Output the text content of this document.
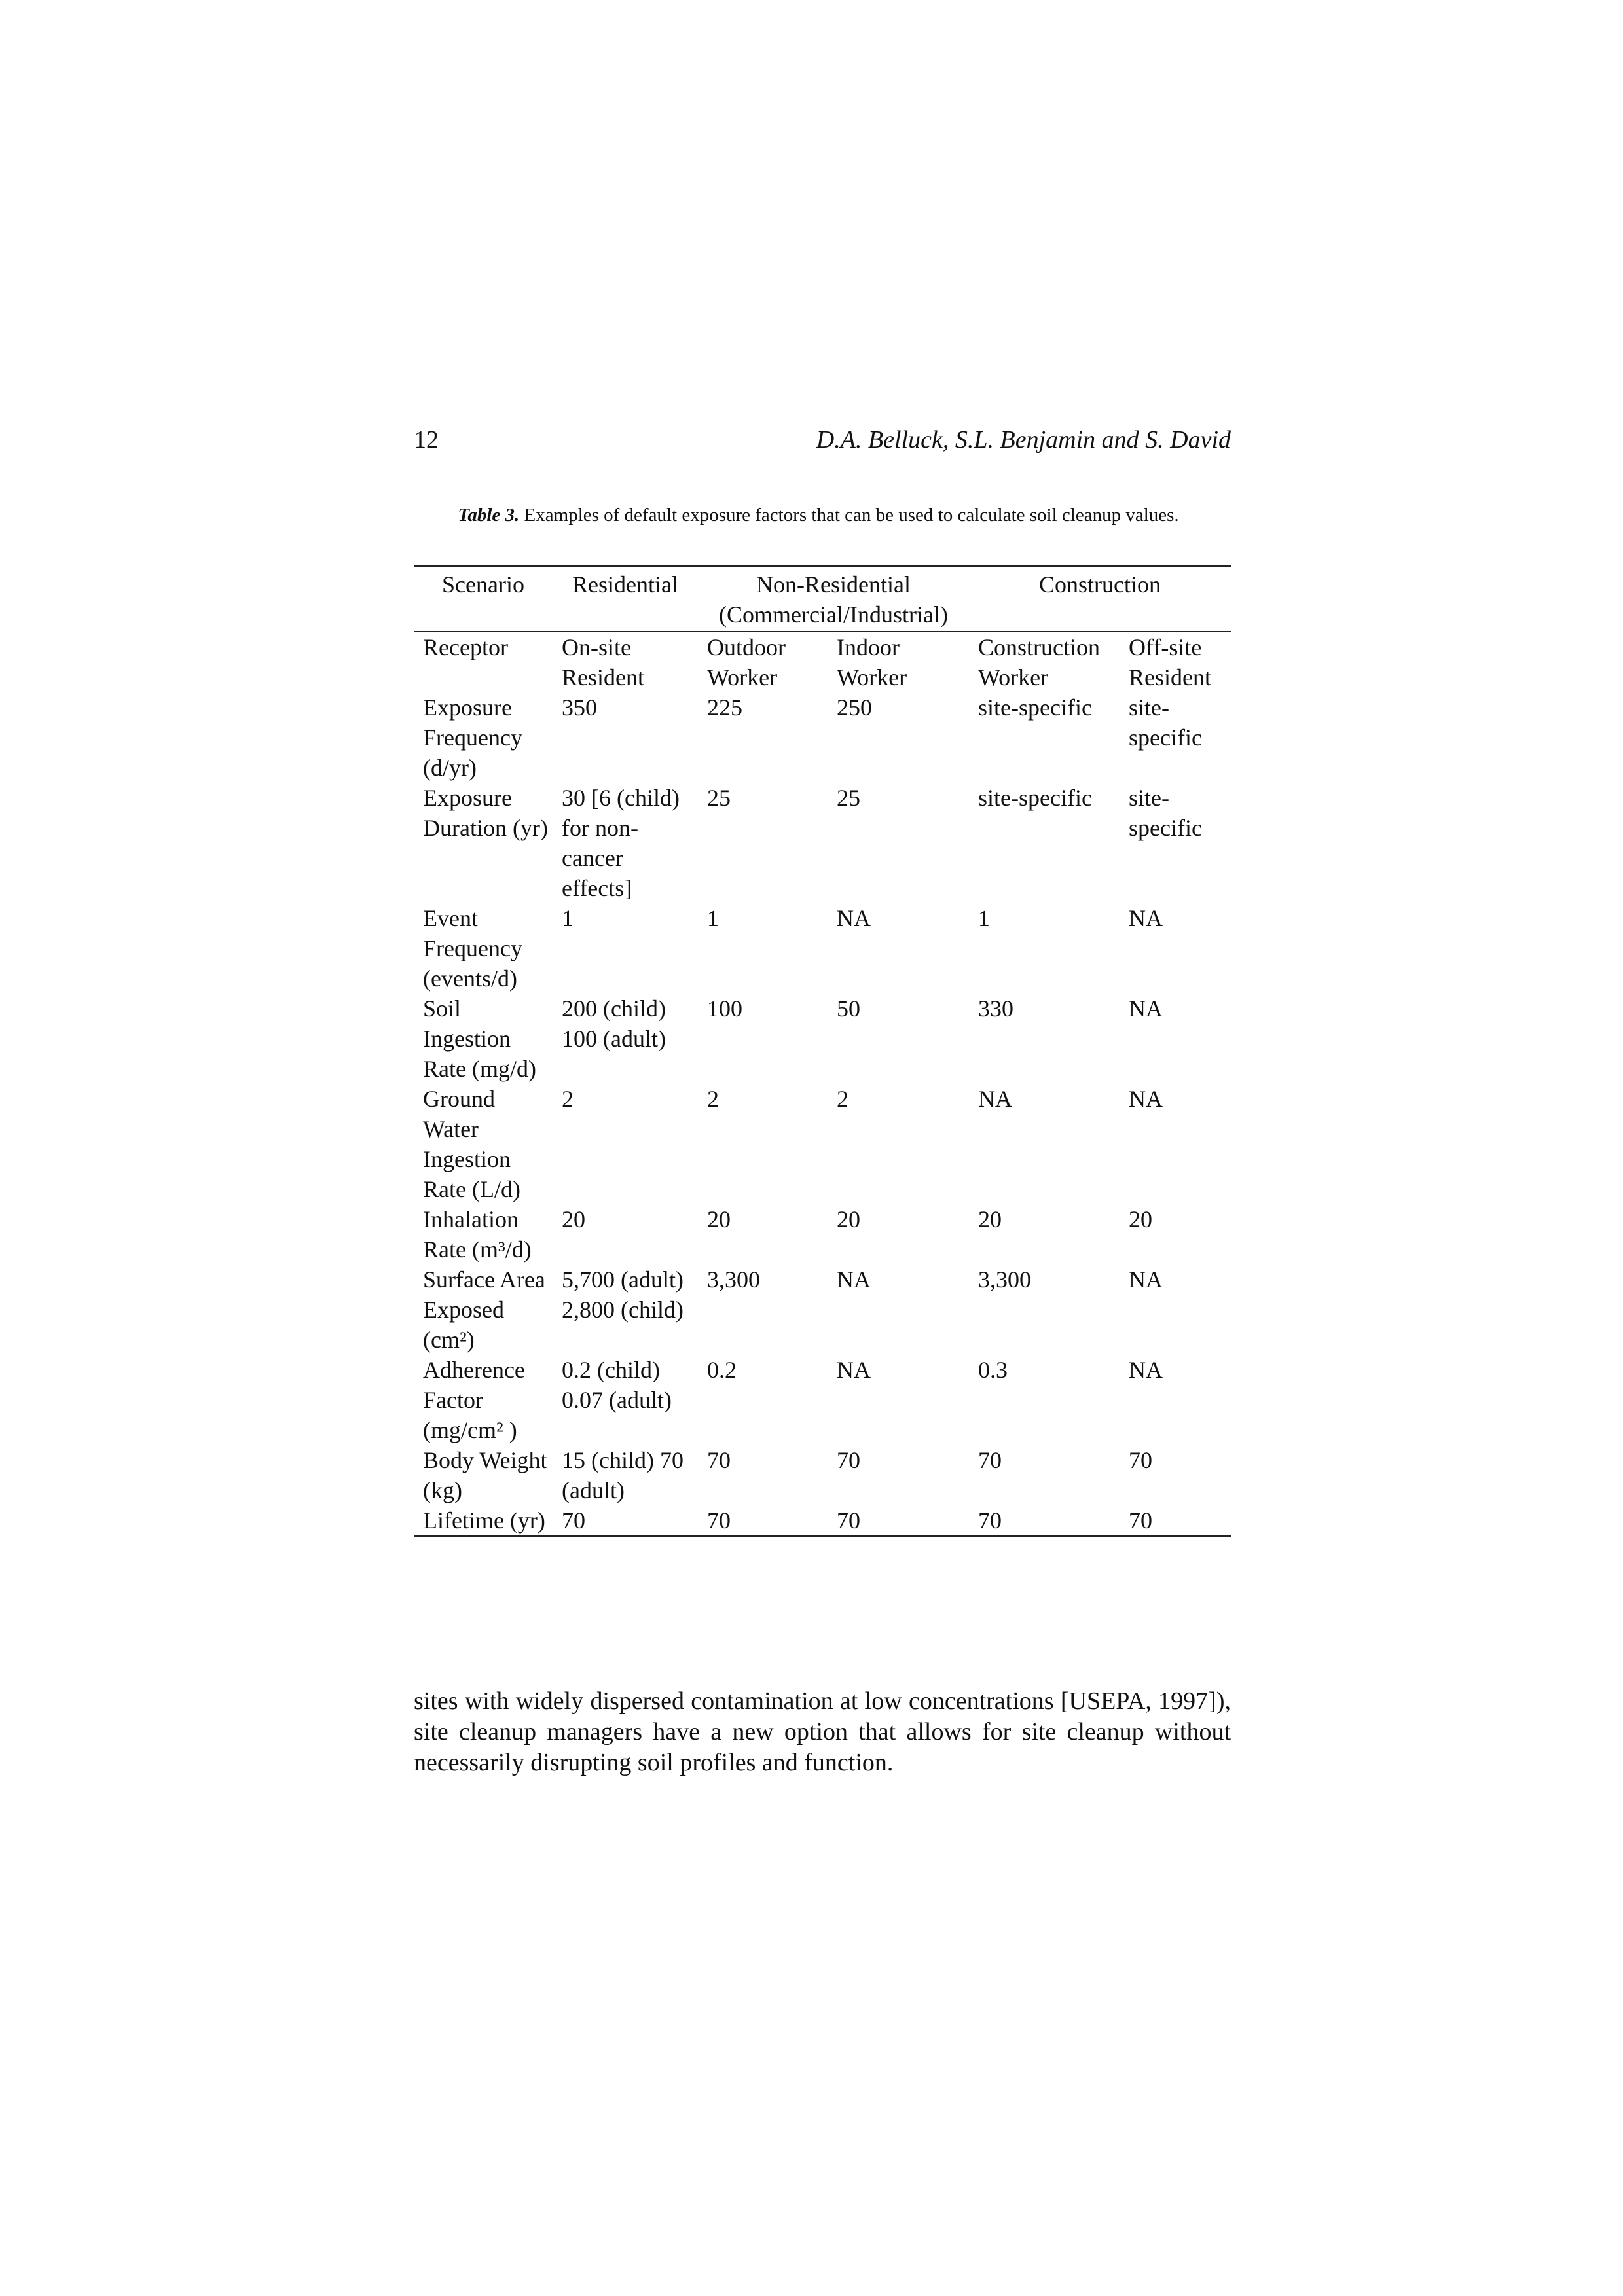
12	D.A. Belluck, S.L. Benjamin and S. David
Table 3. Examples of default exposure factors that can be used to calculate soil cleanup values.
Scenario	Residential	Non-Residential (Commercial/Industrial)		Construction	
Receptor	On-site Resident	Outdoor Worker	Indoor Worker	Construction Worker	Off-site Resident
Exposure Frequency (d/yr)	350	225	250	site-specific	site-specific
Exposure Duration (yr)	30 [6 (child) for non-cancer effects]	25	25	site-specific	site-specific
Event Frequency (events/d)	1	1	NA	1	NA
Soil Ingestion Rate (mg/d)	200 (child) 100 (adult)	100	50	330	NA
Ground Water Ingestion Rate (L/d)	2	2	2	NA	NA
Inhalation Rate (m³/d)	20	20	20	20	20
Surface Area Exposed (cm²)	5,700 (adult) 2,800 (child)	3,300	NA	3,300	NA
Adherence Factor (mg/cm² )	0.2 (child) 0.07 (adult)	0.2	NA	0.3	NA
Body Weight (kg)	15 (child) 70 (adult)	70	70	70	70
Lifetime (yr)	70	70	70	70	70
sites with widely dispersed contamination at low concentrations [USEPA, 1997]), site cleanup managers have a new option that allows for site cleanup without necessarily disrupting soil profiles and function.
